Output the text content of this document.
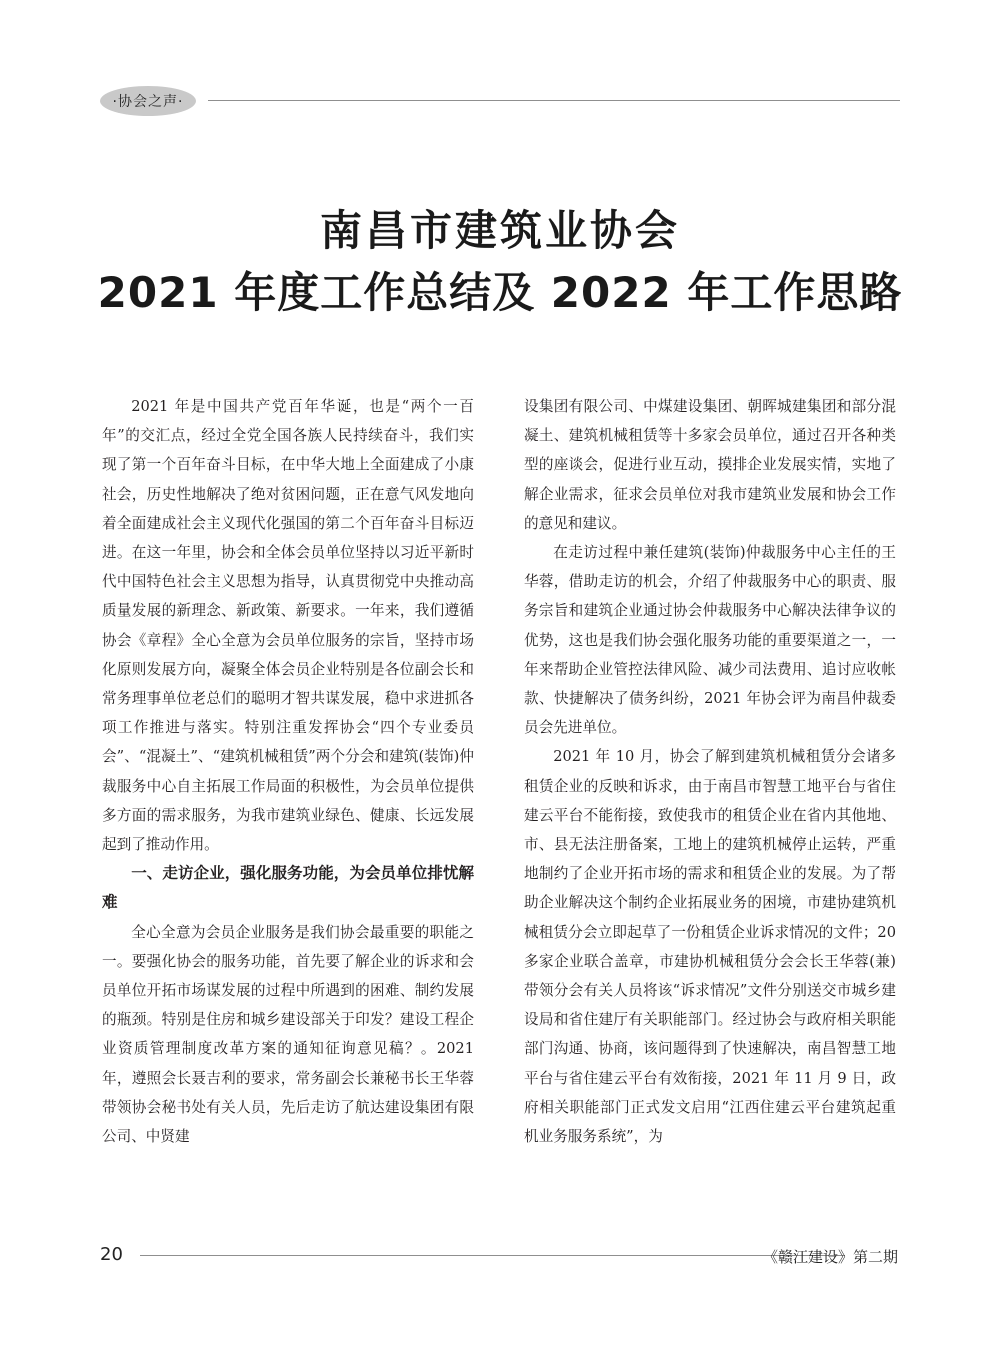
·协会之声·
南昌市建筑业协会
2021 年度工作总结及 2022 年工作思路

2021 年是中国共产党百年华诞，也是“两个一百年”的交汇点，经过全党全国各族人民持续奋斗，我们实现了第一个百年奋斗目标，在中华大地上全面建成了小康社会，历史性地解决了绝对贫困问题，正在意气风发地向着全面建成社会主义现代化强国的第二个百年奋斗目标迈进。在这一年里，协会和全体会员单位坚持以习近平新时代中国特色社会主义思想为指导，认真贯彻党中央推动高质量发展的新理念、新政策、新要求。一年来，我们遵循协会《章程》全心全意为会员单位服务的宗旨，坚持市场化原则发展方向，凝聚全体会员企业特别是各位副会长和常务理事单位老总们的聪明才智共谋发展，稳中求进抓各项工作推进与落实。特别注重发挥协会“四个专业委员会”、“混凝土”、“建筑机械租赁”两个分会和建筑(装饰)仲裁服务中心自主拓展工作局面的积极性，为会员单位提供多方面的需求服务，为我市建筑业绿色、健康、长远发展起到了推动作用。

一、走访企业，强化服务功能，为会员单位排忧解难

全心全意为会员企业服务是我们协会最重要的职能之一。要强化协会的服务功能，首先要了解企业的诉求和会员单位开拓市场谋发展的过程中所遇到的困难、制约发展的瓶颈。特别是住房和城乡建设部关于印发？建设工程企业资质管理制度改革方案的通知征询意见稿？。2021 年，遵照会长聂吉利的要求，常务副会长兼秘书长王华蓉带领协会秘书处有关人员，先后走访了航达建设集团有限公司、中贤建

设集团有限公司、中煤建设集团、朝晖城建集团和部分混凝土、建筑机械租赁等十多家会员单位，通过召开各种类型的座谈会，促进行业互动，摸排企业发展实情，实地了解企业需求，征求会员单位对我市建筑业发展和协会工作的意见和建议。

在走访过程中兼任建筑(装饰)仲裁服务中心主任的王华蓉，借助走访的机会，介绍了仲裁服务中心的职责、服务宗旨和建筑企业通过协会仲裁服务中心解决法律争议的优势，这也是我们协会强化服务功能的重要渠道之一，一年来帮助企业管控法律风险、减少司法费用、追讨应收帐款、快捷解决了债务纠纷，2021 年协会评为南昌仲裁委员会先进单位。

2021 年 10 月，协会了解到建筑机械租赁分会诸多租赁企业的反映和诉求，由于南昌市智慧工地平台与省住建云平台不能衔接，致使我市的租赁企业在省内其他地、市、县无法注册备案，工地上的建筑机械停止运转，严重地制约了企业开拓市场的需求和租赁企业的发展。为了帮助企业解决这个制约企业拓展业务的困境，市建协建筑机械租赁分会立即起草了一份租赁企业诉求情况的文件；20 多家企业联合盖章，市建协机械租赁分会会长王华蓉(兼)带领分会有关人员将该“诉求情况”文件分别送交市城乡建设局和省住建厅有关职能部门。经过协会与政府相关职能部门沟通、协商，该问题得到了快速解决，南昌智慧工地平台与省住建云平台有效衔接，2021 年 11 月 9 日，政府相关职能部门正式发文启用“江西住建云平台建筑起重机业务服务系统”，为

20	《赣江建设》第二期
